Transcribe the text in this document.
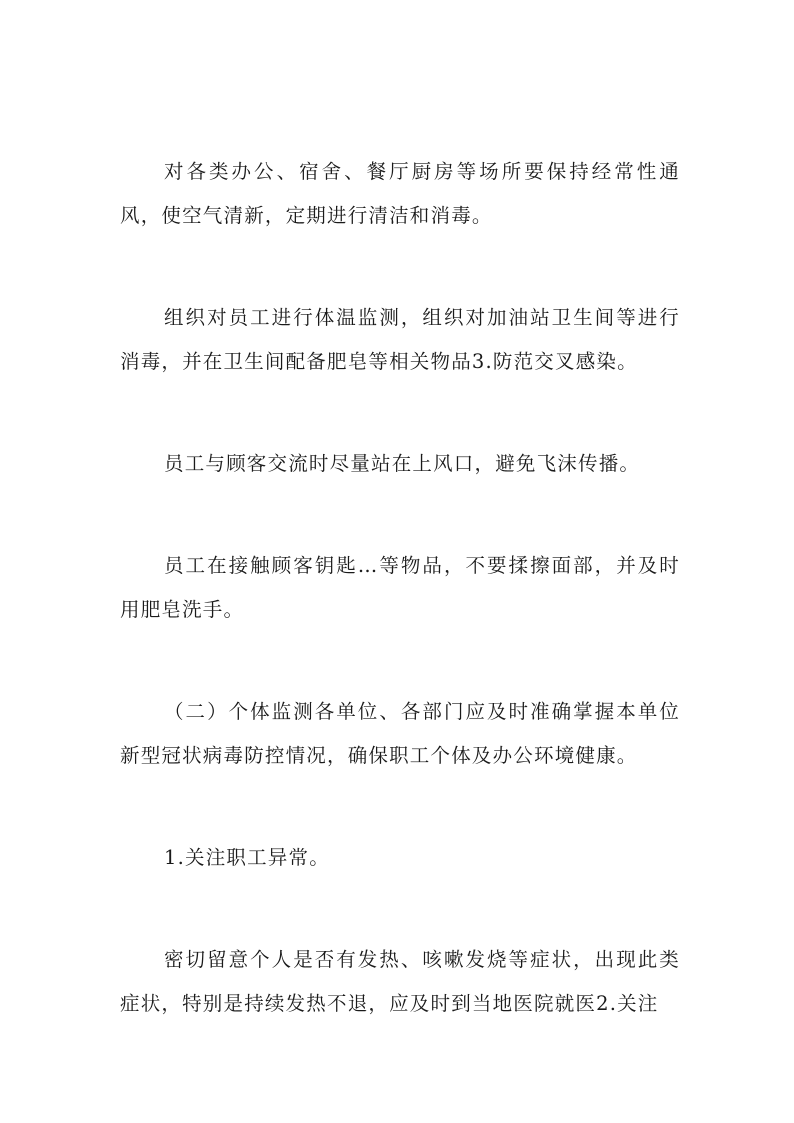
对各类办公、宿舍、餐厅厨房等场所要保持经常性通风，使空气清新，定期进行清洁和消毒。

组织对员工进行体温监测，组织对加油站卫生间等进行消毒，并在卫生间配备肥皂等相关物品3.防范交叉感染。

员工与顾客交流时尽量站在上风口，避免飞沫传播。

员工在接触顾客钥匙…等物品，不要揉擦面部，并及时用肥皂洗手。

（二）个体监测各单位、各部门应及时准确掌握本单位新型冠状病毒防控情况，确保职工个体及办公环境健康。

1.关注职工异常。

密切留意个人是否有发热、咳嗽发烧等症状，出现此类症状，特别是持续发热不退，应及时到当地医院就医2.关注
